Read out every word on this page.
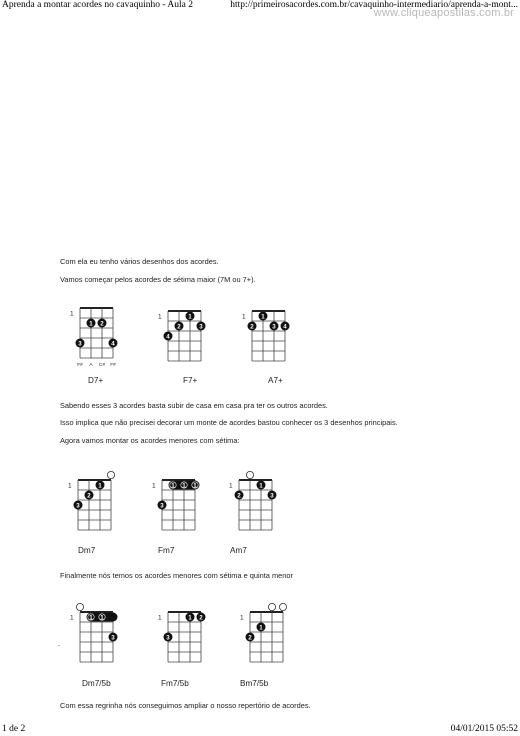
Aprenda a montar acordes no cavaquinho - Aula 2	http://primeirosacordes.com.br/cavaquinho-intermediario/aprenda-a-mont...
www.cliqueapostilas.com.br
Com ela eu tenho vários desenhos dos acordes.
Vamos começar pelos acordes de sétima maior (7M ou 7+).
Sabendo esses 3 acordes basta subir de casa em casa pra ter os outros acordes.
Isso implica que não precisei decorar um monte de acordes bastou conhecer os 3 desenhos principais.
Agora vamos montar os acordes menores com sétima:
Finalmente nós temos os acordes menores com sétima e quinta menor
.
Com essa regrinha nós conseguimos ampliar o nosso repertório de acordes.
1
1 2
3	4
F# A C# F#
1	1
2	3
4
1	1
2	3 4
1	1
2
3
1	1 1 1
3
1	1
2	3
1	1 1
3
1	1 2
3
1
1
2
D7+	F7+	A7+
Dm7	Fm7	Am7
Dm7/5b	Fm7/5b	Bm7/5b
1 de 2	04/01/2015 05:52
